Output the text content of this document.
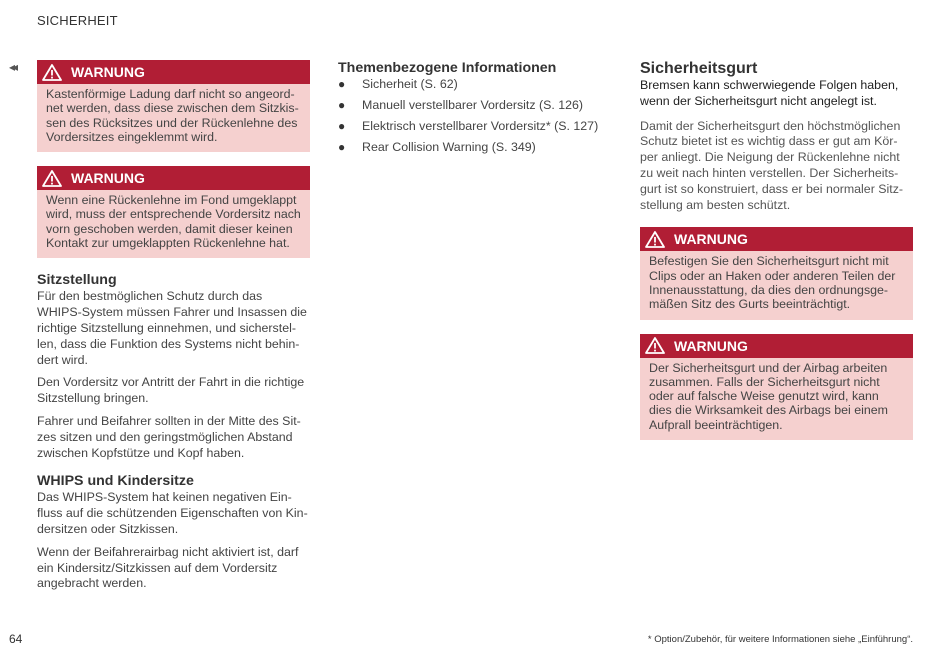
SICHERHEIT
◂◂	WARNUNG
Kastenförmige Ladung darf nicht so angeord-
net werden, dass diese zwischen dem Sitzkis-
sen des Rücksitzes und der Rückenlehne des
Vordersitzes eingeklemmt wird.
WARNUNG
Wenn eine Rückenlehne im Fond umgeklappt
wird, muss der entsprechende Vordersitz nach
vorn geschoben werden, damit dieser keinen
Kontakt zur umgeklappten Rückenlehne hat.
Sitzstellung

Für den bestmöglichen Schutz durch das
WHIPS-System müssen Fahrer und Insassen die
richtige Sitzstellung einnehmen, und sicherstel-
len, dass die Funktion des Systems nicht behin-
dert wird.

Den Vordersitz vor Antritt der Fahrt in die richtige
Sitzstellung bringen.

Fahrer und Beifahrer sollten in der Mitte des Sit-
zes sitzen und den geringstmöglichen Abstand
zwischen Kopfstütze und Kopf haben.

WHIPS und Kindersitze

Das WHIPS-System hat keinen negativen Ein-
fluss auf die schützenden Eigenschaften von Kin-
dersitzen oder Sitzkissen.

Wenn der Beifahrerairbag nicht aktiviert ist, darf
ein Kindersitz/Sitzkissen auf dem Vordersitz
angebracht werden.

Themenbezogene Informationen
● Sicherheit (S. 62)
● Manuell verstellbarer Vordersitz (S. 126)
● Elektrisch verstellbarer Vordersitz* (S. 127)
● Rear Collision Warning (S. 349)
Sicherheitsgurt

Bremsen kann schwerwiegende Folgen haben,
wenn der Sicherheitsgurt nicht angelegt ist.

Damit der Sicherheitsgurt den höchstmöglichen
Schutz bietet ist es wichtig dass er gut am Kör-
per anliegt. Die Neigung der Rückenlehne nicht
zu weit nach hinten verstellen. Der Sicherheits-
gurt ist so konstruiert, dass er bei normaler Sitz-
stellung am besten schützt.

WARNUNG
Befestigen Sie den Sicherheitsgurt nicht mit
Clips oder an Haken oder anderen Teilen der
Innenausstattung, da dies den ordnungsge-
mäßen Sitz des Gurts beeinträchtigt.
WARNUNG
Der Sicherheitsgurt und der Airbag arbeiten
zusammen. Falls der Sicherheitsgurt nicht
oder auf falsche Weise genutzt wird, kann
dies die Wirksamkeit des Airbags bei einem
Aufprall beeinträchtigen.
64	* Option/Zubehör, für weitere Informationen siehe „Einführung“.
